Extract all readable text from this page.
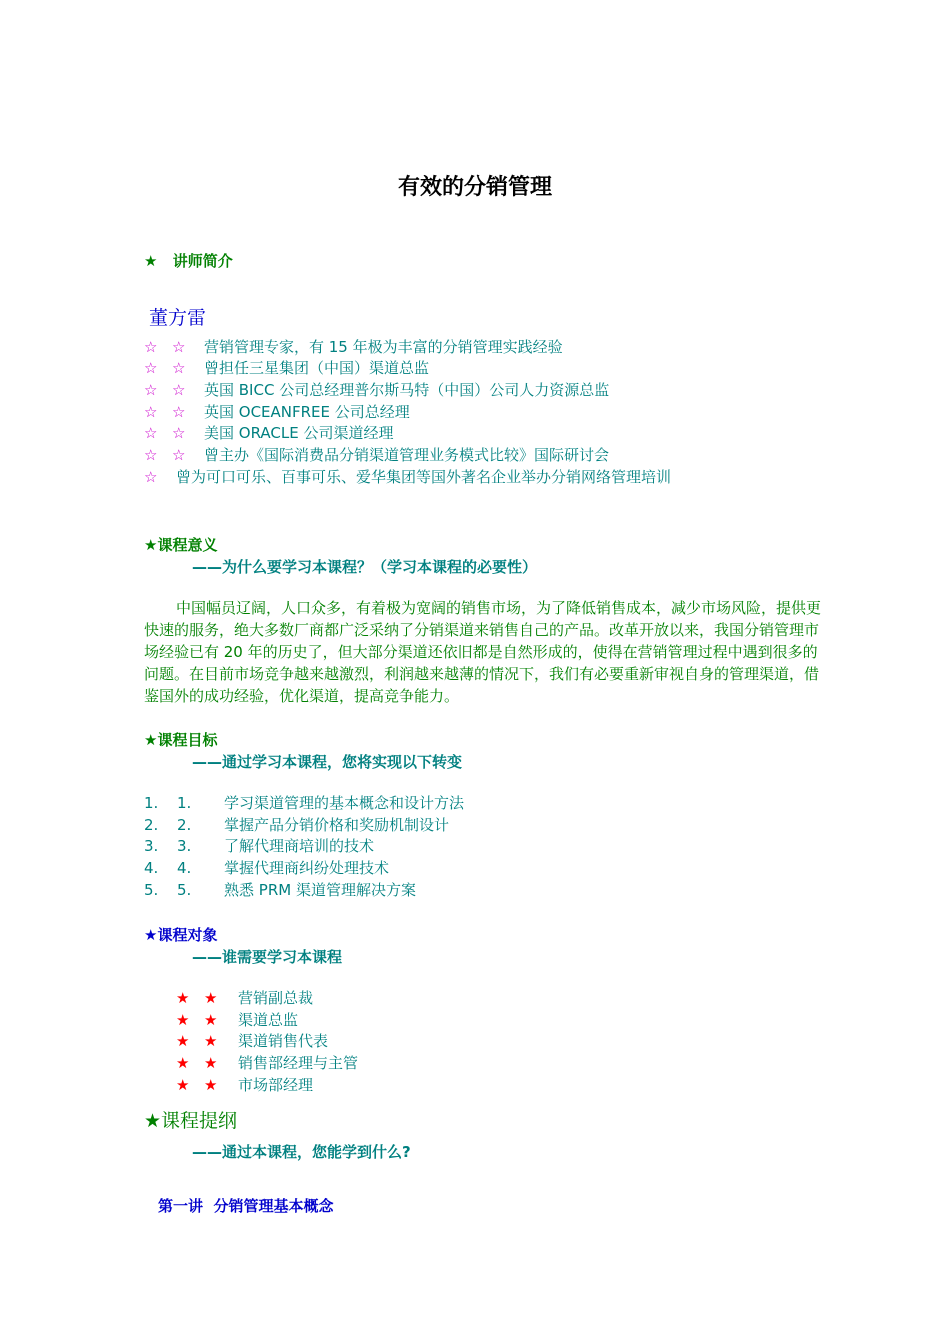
有效的分销管理
★ 讲师简介
董方雷
☆ ☆ 营销管理专家，有 15 年极为丰富的分销管理实践经验
☆ ☆ 曾担任三星集团（中国）渠道总监
☆ ☆ 英国 BICC 公司总经理普尔斯马特（中国）公司人力资源总监
☆ ☆ 英国 OCEANFREE 公司总经理
☆ ☆ 美国 ORACLE 公司渠道经理
☆ ☆ 曾主办《国际消费品分销渠道管理业务模式比较》国际研讨会
☆ 曾为可口可乐、百事可乐、爱华集团等国外著名企业举办分销网络管理培训
★课程意义
——为什么要学习本课程？（学习本课程的必要性）
中国幅员辽阔，人口众多，有着极为宽阔的销售市场，为了降低销售成本，减少市场风险，提供更快速的服务，绝大多数厂商都广泛采纳了分销渠道来销售自己的产品。改革开放以来，我国分销管理市场经验已有 20 年的历史了，但大部分渠道还依旧都是自然形成的，使得在营销管理过程中遇到很多的问题。在目前市场竞争越来越激烈，利润越来越薄的情况下，我们有必要重新审视自身的管理渠道，借鉴国外的成功经验，优化渠道，提高竞争能力。
★课程目标
——通过学习本课程，您将实现以下转变
1. 1. 学习渠道管理的基本概念和设计方法
2. 2. 掌握产品分销价格和奖励机制设计
3. 3. 了解代理商培训的技术
4. 4. 掌握代理商纠纷处理技术
5. 5. 熟悉 PRM 渠道管理解决方案
★课程对象
——谁需要学习本课程
★ ★ 营销副总裁
★ ★ 渠道总监
★ ★ 渠道销售代表
★ ★ 销售部经理与主管
★ ★ 市场部经理
★课程提纲
——通过本课程，您能学到什么?
第一讲  分销管理基本概念
